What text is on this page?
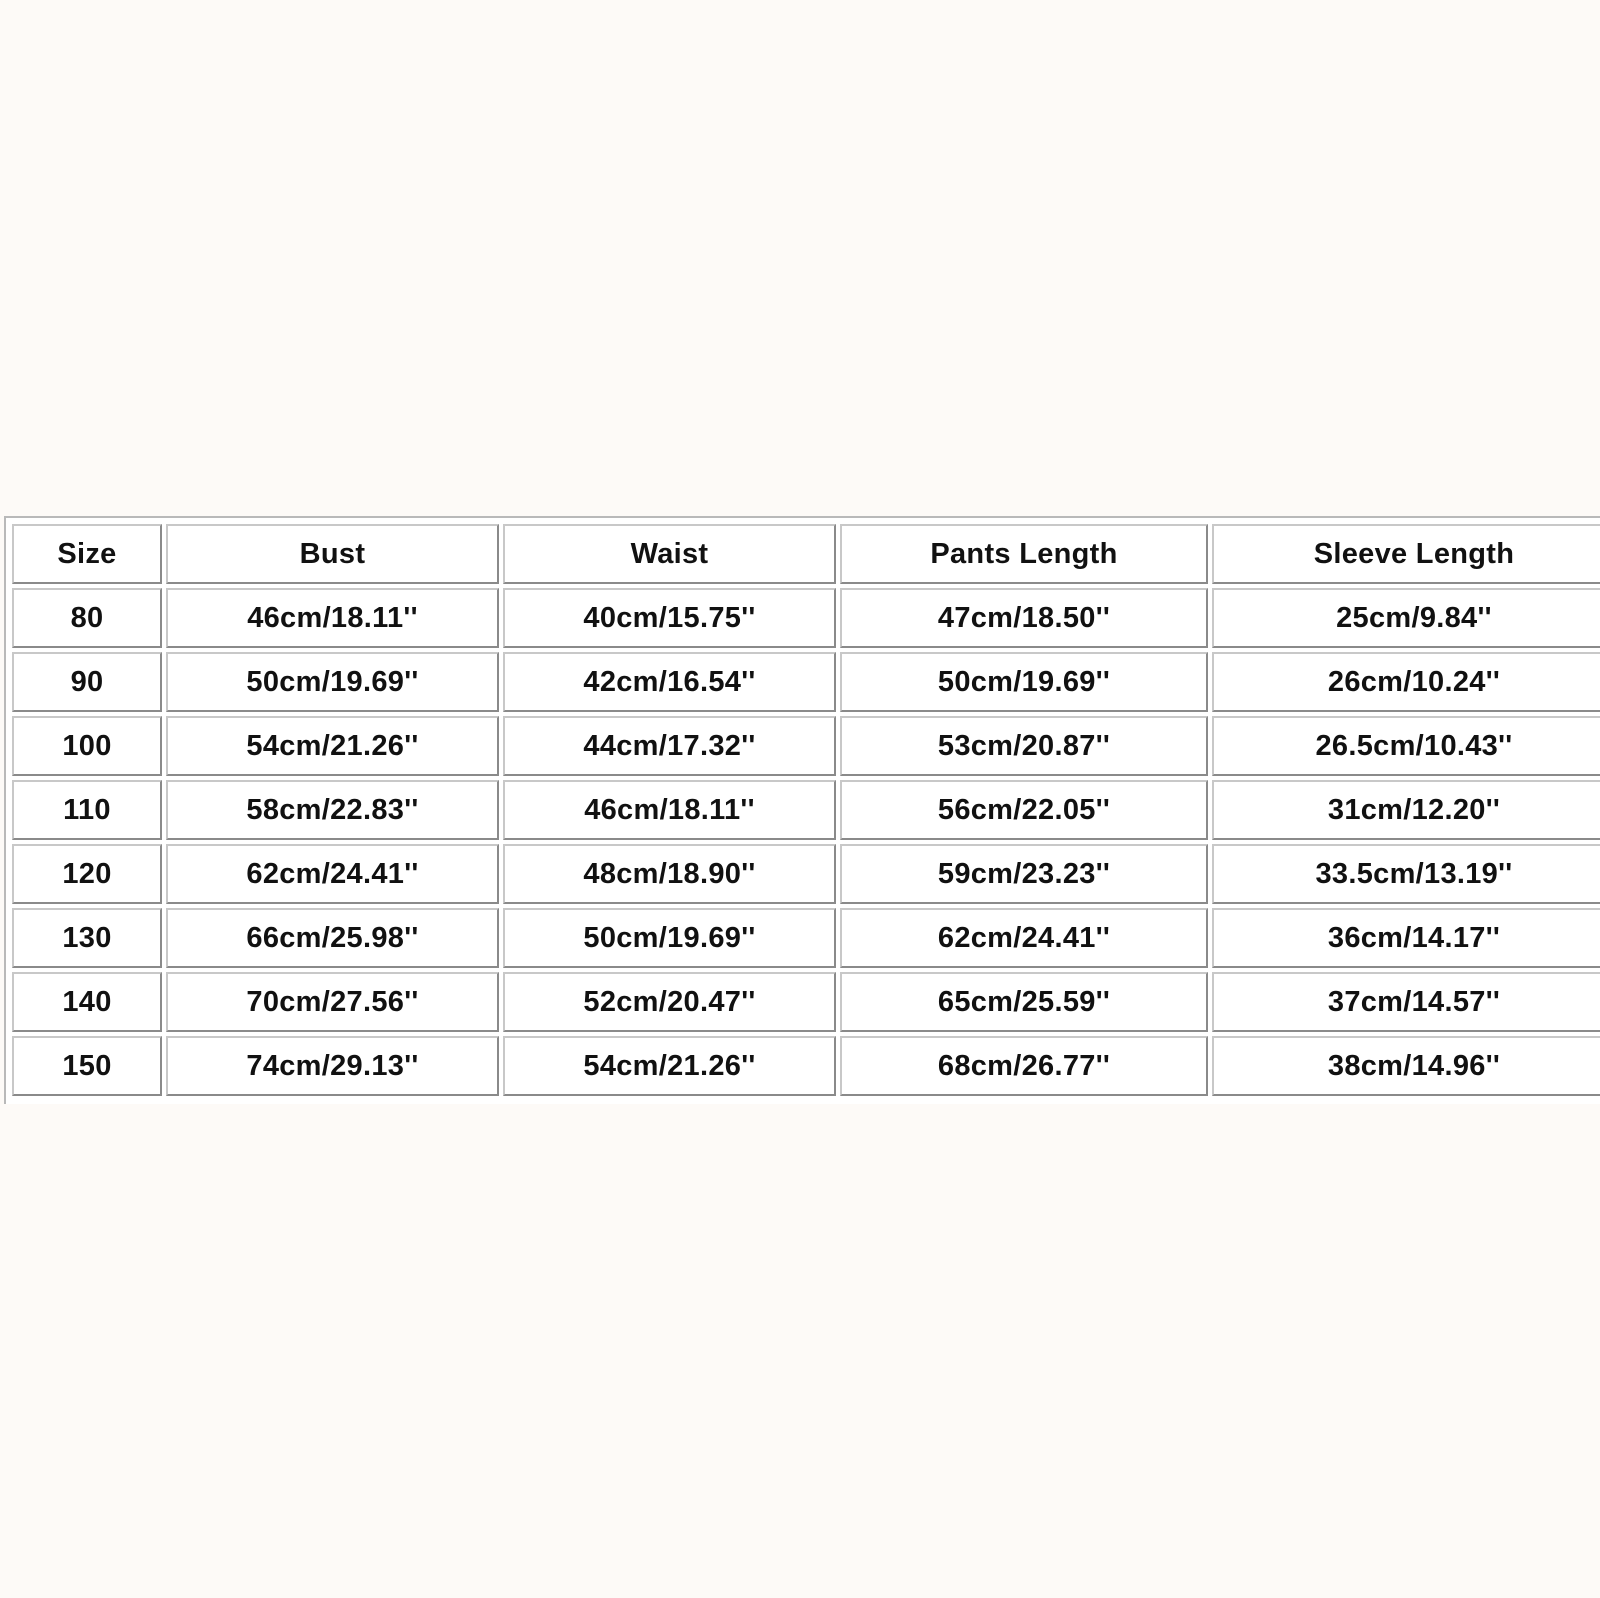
Size	Bust	Waist	Pants Length	Sleeve Length
80	46cm/18.11''	40cm/15.75''	47cm/18.50''	25cm/9.84''
90	50cm/19.69''	42cm/16.54''	50cm/19.69''	26cm/10.24''
100	54cm/21.26''	44cm/17.32''	53cm/20.87''	26.5cm/10.43''
110	58cm/22.83''	46cm/18.11''	56cm/22.05''	31cm/12.20''
120	62cm/24.41''	48cm/18.90''	59cm/23.23''	33.5cm/13.19''
130	66cm/25.98''	50cm/19.69''	62cm/24.41''	36cm/14.17''
140	70cm/27.56''	52cm/20.47''	65cm/25.59''	37cm/14.57''
150	74cm/29.13''	54cm/21.26''	68cm/26.77''	38cm/14.96''
